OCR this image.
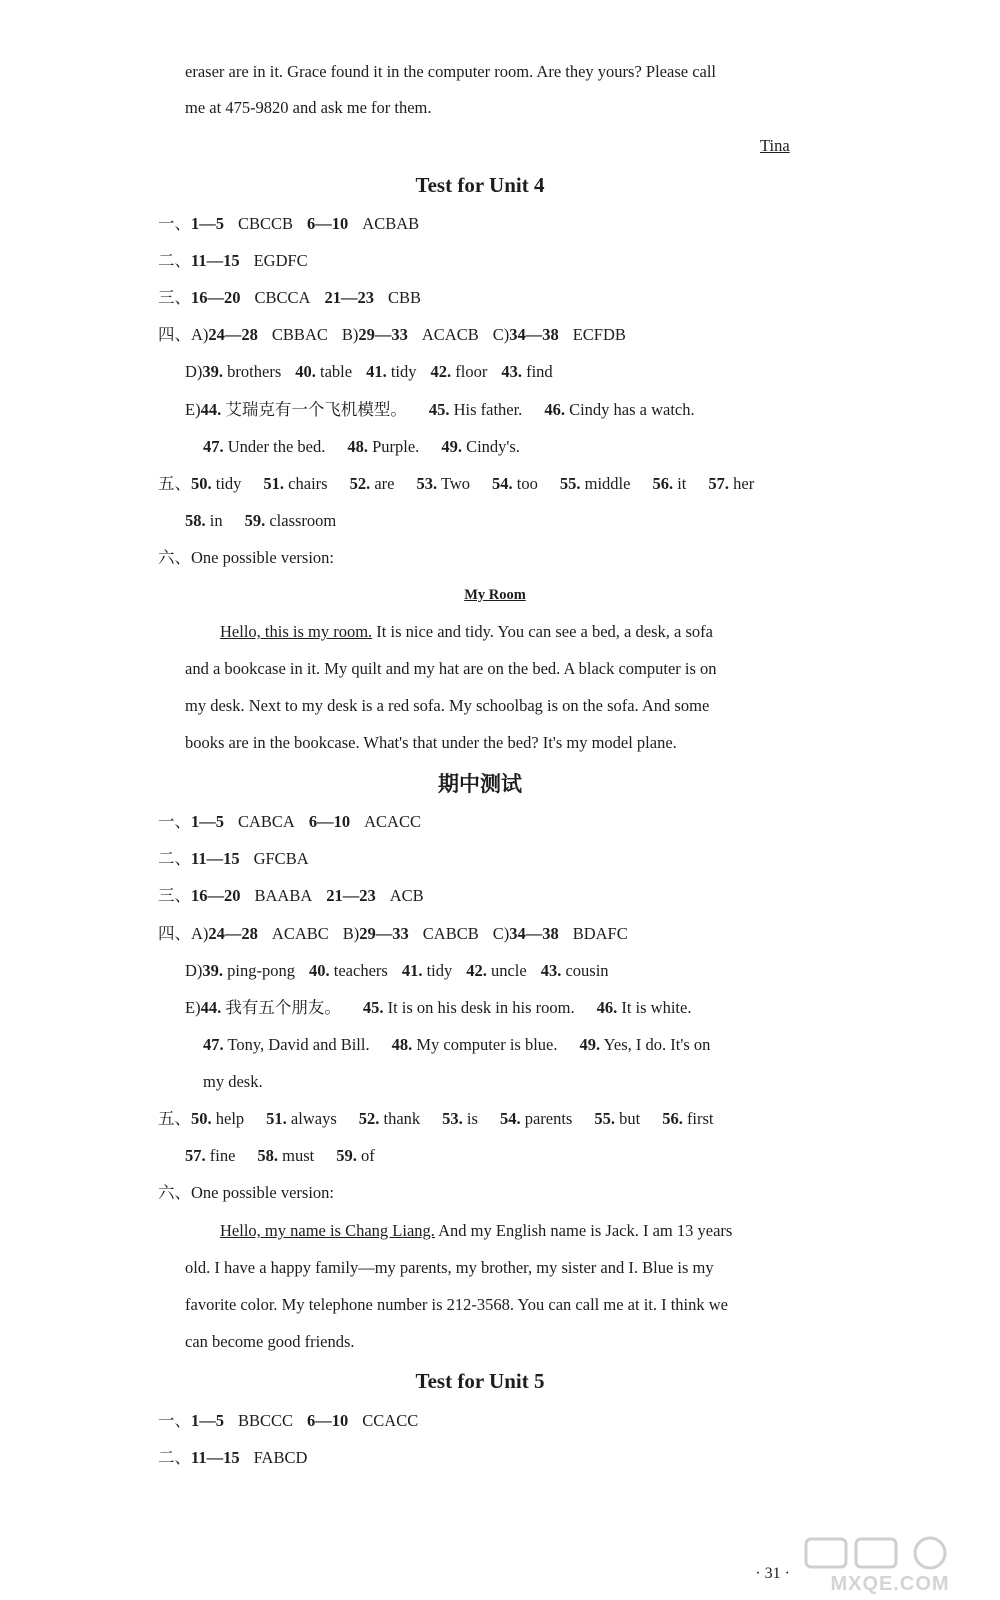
eraser are in it. Grace found it in the computer room. Are they yours? Please call
me at 475-9820 and ask me for them.
Tina
Test for Unit 4
一、1—5 CBCCB 6—10 ACBAB
二、11—15 EGDFC
三、16—20 CBCCA 21—23 CBB
四、A)24—28 CBBAC B)29—33 ACACB C)34—38 ECFDB
D)39. brothers 40. table 41. tidy 42. floor 43. find
E)44. 艾瑞克有一个飞机模型。 45. His father. 46. Cindy has a watch.
47. Under the bed. 48. Purple. 49. Cindy's.
五、50. tidy 51. chairs 52. are 53. Two 54. too 55. middle 56. it 57. her
58. in 59. classroom
六、One possible version:
My Room
Hello, this is my room. It is nice and tidy. You can see a bed, a desk, a sofa
and a bookcase in it. My quilt and my hat are on the bed. A black computer is on
my desk. Next to my desk is a red sofa. My schoolbag is on the sofa. And some
books are in the bookcase. What's that under the bed? It's my model plane.
期中测试
一、1—5 CABCA 6—10 ACACC
二、11—15 GFCBA
三、16—20 BAABA 21—23 ACB
四、A)24—28 ACABC B)29—33 CABCB C)34—38 BDAFC
D)39. ping-pong 40. teachers 41. tidy 42. uncle 43. cousin
E)44. 我有五个朋友。 45. It is on his desk in his room. 46. It is white.
47. Tony, David and Bill. 48. My computer is blue. 49. Yes, I do. It's on
my desk.
五、50. help 51. always 52. thank 53. is 54. parents 55. but 56. first
57. fine 58. must 59. of
六、One possible version:
Hello, my name is Chang Liang. And my English name is Jack. I am 13 years
old. I have a happy family—my parents, my brother, my sister and I. Blue is my
favorite color. My telephone number is 212-3568. You can call me at it. I think we
can become good friends.
Test for Unit 5
一、1—5 BBCCC 6—10 CCACC
二、11—15 FABCD
· 31 · MXQE.COM
